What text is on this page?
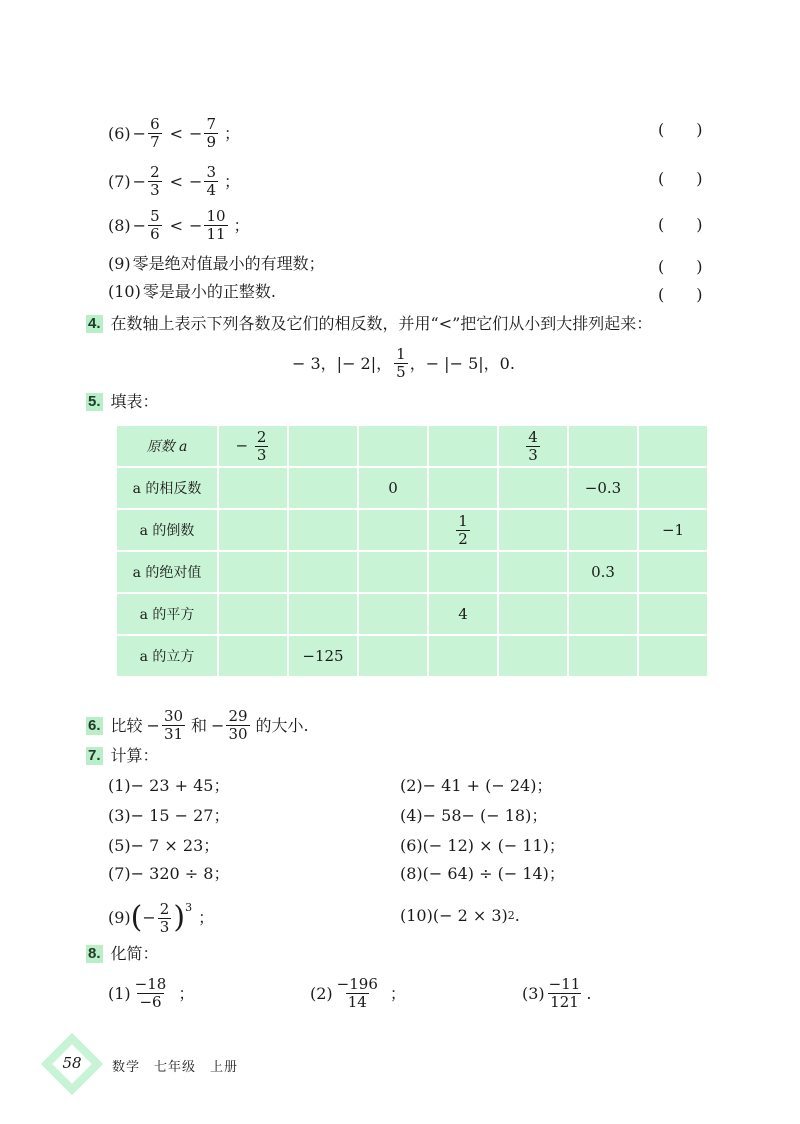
$(6) - \frac{6}{7}$ < − $\frac{7}{9}$ ；	(　　)
$(7) - \frac{2}{3}$ < − $\frac{3}{4}$ ；	(　　)
$(8) - \frac{5}{6}$ < − $\frac{10}{11}$ ；	(　　)
(9) 零是绝对值最小的有理数；	(　　)
(10) 零是最小的正整数.	(　　)
4. 在数轴上表示下列各数及它们的相反数，并用“<”把它们从小到大排列起来：
− 3，|− 2|， $\frac{1}{5}$ ，− |− 5|，0.
5. 填表：
原数 a	− $\frac{2}{3}$				$\frac{4}{3}$

a 的相反数			0			−0.3	
a 的倒数				$\frac{1}{2}$			−1
a 的绝对值						0.3	
a 的平方				4			
a 的立方		−125					
6. 比较 − $\frac{30}{31}$ 和 − $\frac{29}{30}$ 的大小.
7. 计算：
(1)− 23 + 45；	(2)− 41 + (− 24)；
(3)− 15 − 27；	(4)− 58− (− 18)；
(5)− 7 × 23；	(6)(− 12) × (− 11)；
(7)− 320 ÷ 8；	(8)(− 64) ÷ (− 14)；
(9) ( − $\frac{2}{3} )^3$
；	(10)(− 2 × 3) 2 .
8. 化简：
$(1) \frac{-18}{-6}$ ；	$(2) \frac{-196}{14}$ ；	$(3) \frac{-11}{121}$ .
58	数学　七年级　上册
